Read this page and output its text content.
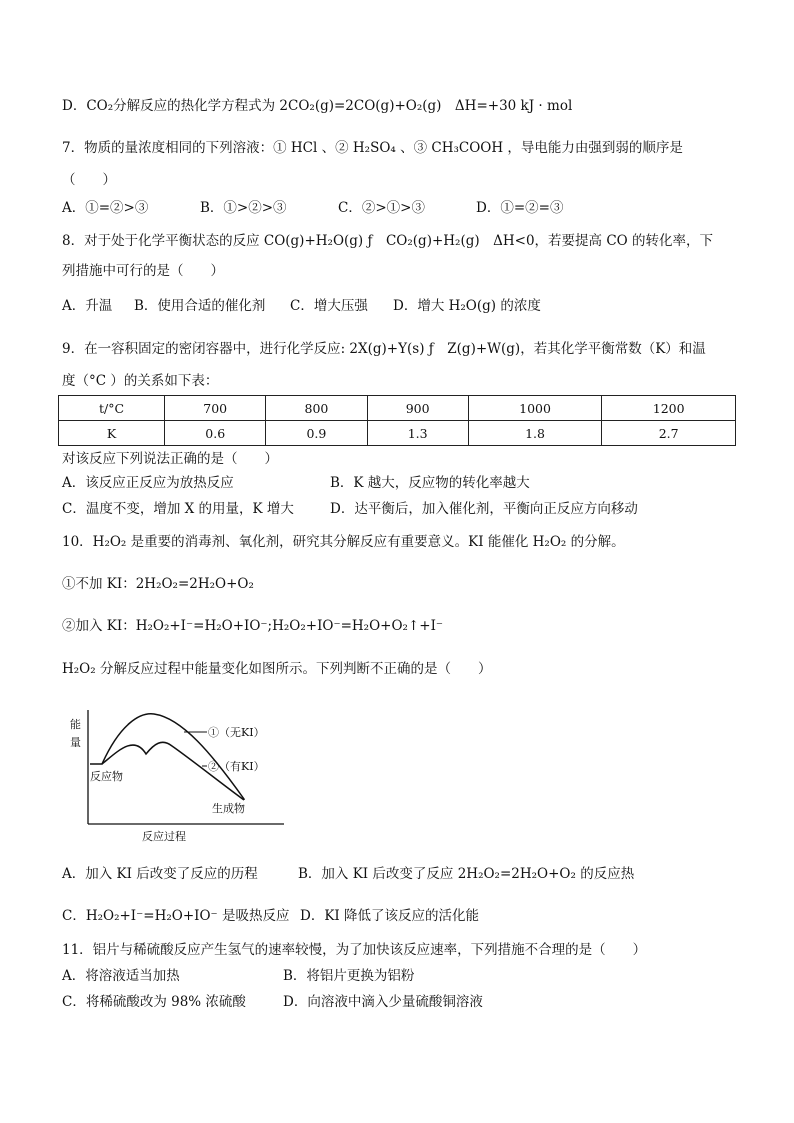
D．CO₂分解反应的热化学方程式为 2CO₂(g)=2CO(g)+O₂(g)　ΔH=+30 kJ · mol
7．物质的量浓度相同的下列溶液：① HCl 、② H₂SO₄ 、③ CH₃COOH ，导电能力由强到弱的顺序是
（　　）
A．①=②>③	B．①>②>③	C．②>①>③	D．①=②=③
8．对于处于化学平衡状态的反应 CO(g)+H₂O(g) ƒ　CO₂(g)+H₂(g)　ΔH<0，若要提高 CO 的转化率，下
列措施中可行的是（　　）
A．升温 B．使用合适的催化剂 C．增大压强 D．增大 H₂O(g) 的浓度
9．在一容积固定的密闭容器中，进行化学反应: 2X(g)+Y(s) ƒ　Z(g)+W(g)，若其化学平衡常数（K）和温
度（°C ）的关系如下表：
t/°C	700	800	900	1000	1200
K	0.6	0.9	1.3	1.8	2.7
对该反应下列说法正确的是（　　）
A．该反应正反应为放热反应	B．K 越大，反应物的转化率越大
C．温度不变，增加 X 的用量，K 增大	D．达平衡后，加入催化剂，平衡向正反应方向移动
10．H₂O₂ 是重要的消毒剂、氧化剂，研究其分解反应有重要意义。KI 能催化 H₂O₂ 的分解。
①不加 KI：2H₂O₂=2H₂O+O₂
②加入 KI：H₂O₂+I⁻=H₂O+IO⁻;H₂O₂+IO⁻=H₂O+O₂↑+I⁻
H₂O₂ 分解反应过程中能量变化如图所示。下列判断不正确的是（　　）
能
量
①（无KI）
②（有KI）
反应物
生成物
反应过程
A．加入 KI 后改变了反应的历程	B．加入 KI 后改变了反应 2H₂O₂=2H₂O+O₂ 的反应热
C．H₂O₂+I⁻=H₂O+IO⁻ 是吸热反应 D．KI 降低了该反应的活化能
11．铝片与稀硫酸反应产生氢气的速率较慢，为了加快该反应速率，下列措施不合理的是（　　）
A．将溶液适当加热	B．将铝片更换为铝粉
C．将稀硫酸改为 98% 浓硫酸	D．向溶液中滴入少量硫酸铜溶液
